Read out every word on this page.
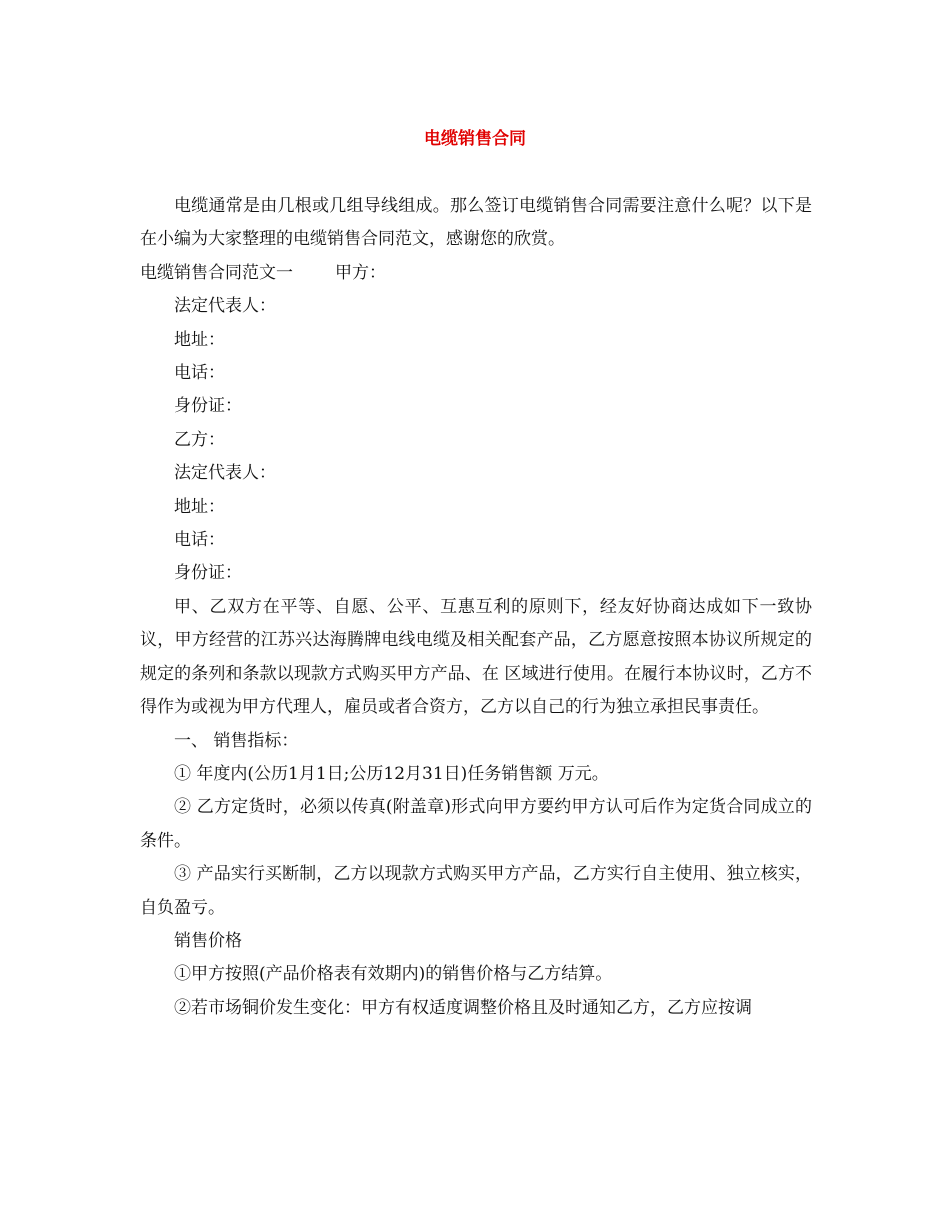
电缆销售合同

电缆通常是由几根或几组导线组成。那么签订电缆销售合同需要注意什么呢？以下是在小编为大家整理的电缆销售合同范文，感谢您的欣赏。

电缆销售合同范文一 甲方：

法定代表人：

地址：

电话：

身份证：

乙方：

法定代表人：

地址：

电话：

身份证：

甲、乙双方在平等、自愿、公平、互惠互利的原则下，经友好协商达成如下一致协议，甲方经营的江苏兴达海腾牌电线电缆及相关配套产品，乙方愿意按照本协议所规定的规定的条列和条款以现款方式购买甲方产品、在 区域进行使用。在履行本协议时，乙方不得作为或视为甲方代理人，雇员或者合资方，乙方以自己的行为独立承担民事责任。

一、 销售指标：

① 年度内(公历1月1日;公历12月31日)任务销售额 万元。

② 乙方定货时，必须以传真(附盖章)形式向甲方要约甲方认可后作为定货合同成立的条件。

③ 产品实行买断制，乙方以现款方式购买甲方产品，乙方实行自主使用、独立核实，自负盈亏。

销售价格

①甲方按照(产品价格表有效期内)的销售价格与乙方结算。

②若市场铜价发生变化：甲方有权适度调整价格且及时通知乙方，乙方应按调
